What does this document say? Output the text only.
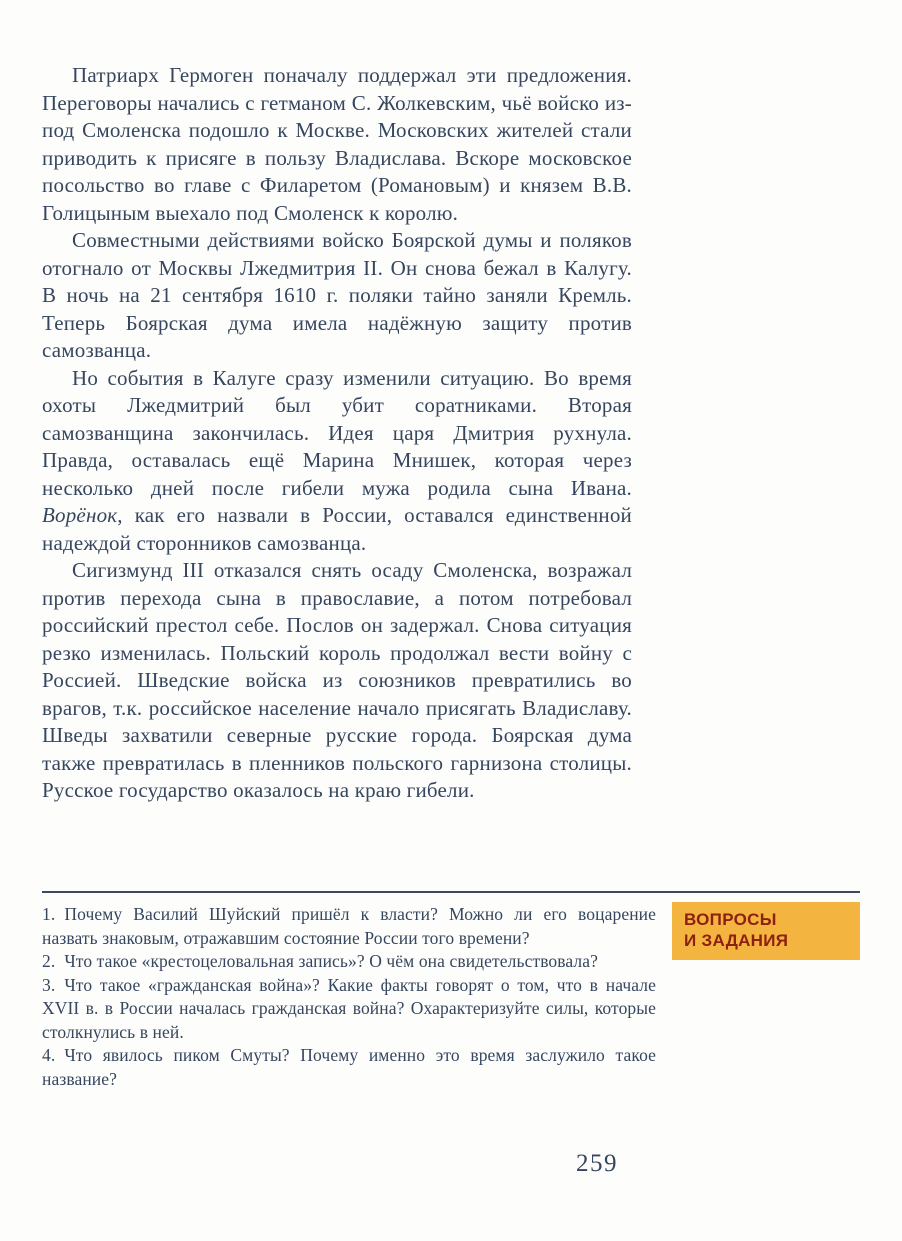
Патриарх Гермоген поначалу поддержал эти предложения. Переговоры начались с гетманом С. Жолкевским, чьё войско из-под Смоленска подошло к Москве. Московских жителей стали приводить к присяге в пользу Владислава. Вскоре московское посольство во главе с Филаретом (Романовым) и князем В.В. Голицыным выехало под Смоленск к королю.

Совместными действиями войско Боярской думы и поляков отогнало от Москвы Лжедмитрия II. Он снова бежал в Калугу. В ночь на 21 сентября 1610 г. поляки тайно заняли Кремль. Теперь Боярская дума имела надёжную защиту против самозванца.

Но события в Калуге сразу изменили ситуацию. Во время охоты Лжедмитрий был убит соратниками. Вторая самозванщина закончилась. Идея царя Дмитрия рухнула. Правда, оставалась ещё Марина Мнишек, которая через несколько дней после гибели мужа родила сына Ивана. Ворёнок, как его назвали в России, оставался единственной надеждой сторонников самозванца.

Сигизмунд III отказался снять осаду Смоленска, возражал против перехода сына в православие, а потом потребовал российский престол себе. Послов он задержал. Снова ситуация резко изменилась. Польский король продолжал вести войну с Россией. Шведские войска из союзников превратились во врагов, т.к. российское население начало присягать Владиславу. Шведы захватили северные русские города. Боярская дума также превратилась в пленников польского гарнизона столицы. Русское государство оказалось на краю гибели.

1. Почему Василий Шуйский пришёл к власти? Можно ли его воцарение назвать знаковым, отражавшим состояние России того времени?

2. Что такое «крестоцеловальная запись»? О чём она свидетельствовала?

3. Что такое «гражданская война»? Какие факты говорят о том, что в начале XVII в. в России началась гражданская война? Охарактеризуйте силы, которые столкнулись в ней.

4. Что явилось пиком Смуты? Почему именно это время заслужило такое название?

ВОПРОСЫ
И ЗАДАНИЯ
259
